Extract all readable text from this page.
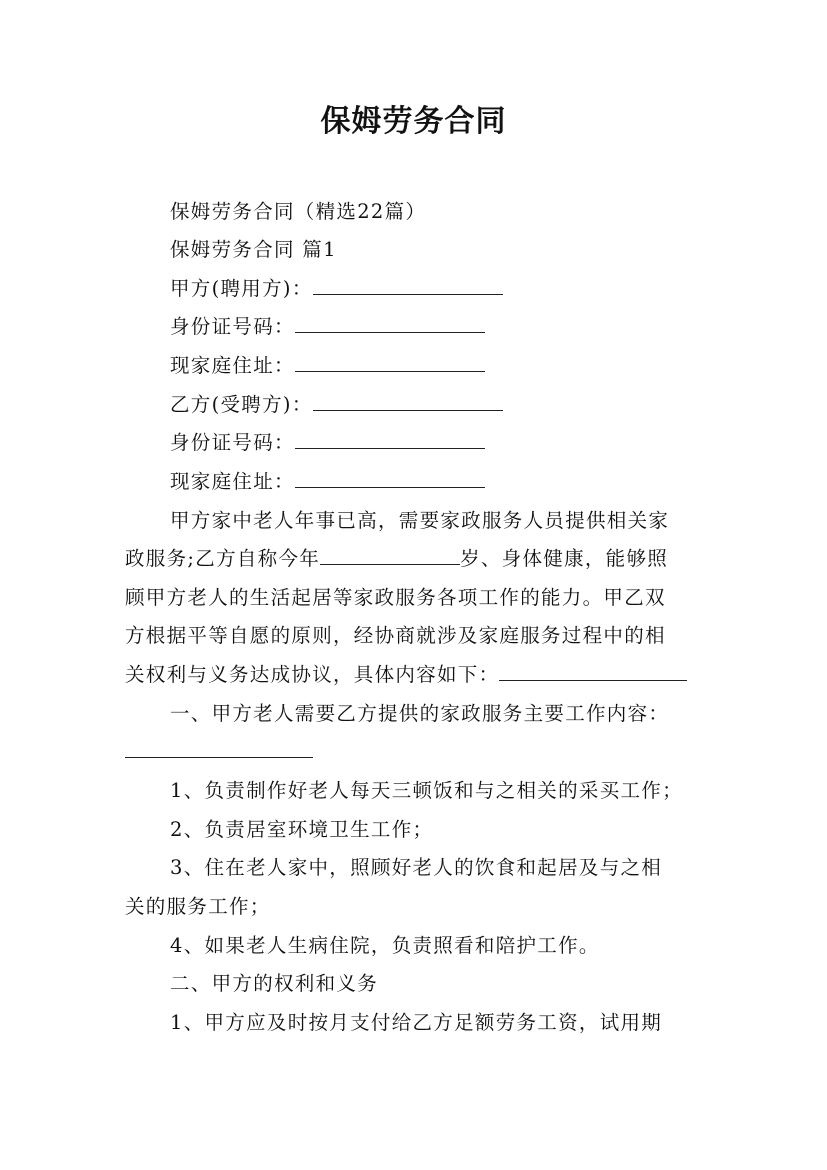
保姆劳务合同
保姆劳务合同（精选22篇）
保姆劳务合同 篇1
甲方(聘用方)：
身份证号码：
现家庭住址：
乙方(受聘方)：
身份证号码：
现家庭住址：
甲方家中老人年事已高，需要家政服务人员提供相关家
政服务;乙方自称今年	岁、身体健康，能够照
顾甲方老人的生活起居等家政服务各项工作的能力。甲乙双
方根据平等自愿的原则，经协商就涉及家庭服务过程中的相
关权利与义务达成协议，具体内容如下：
一、甲方老人需要乙方提供的家政服务主要工作内容：
1、负责制作好老人每天三顿饭和与之相关的采买工作；
2、负责居室环境卫生工作；
3、住在老人家中，照顾好老人的饮食和起居及与之相
关的服务工作；
4、如果老人生病住院，负责照看和陪护工作。
二、甲方的权利和义务
1、甲方应及时按月支付给乙方足额劳务工资，试用期
